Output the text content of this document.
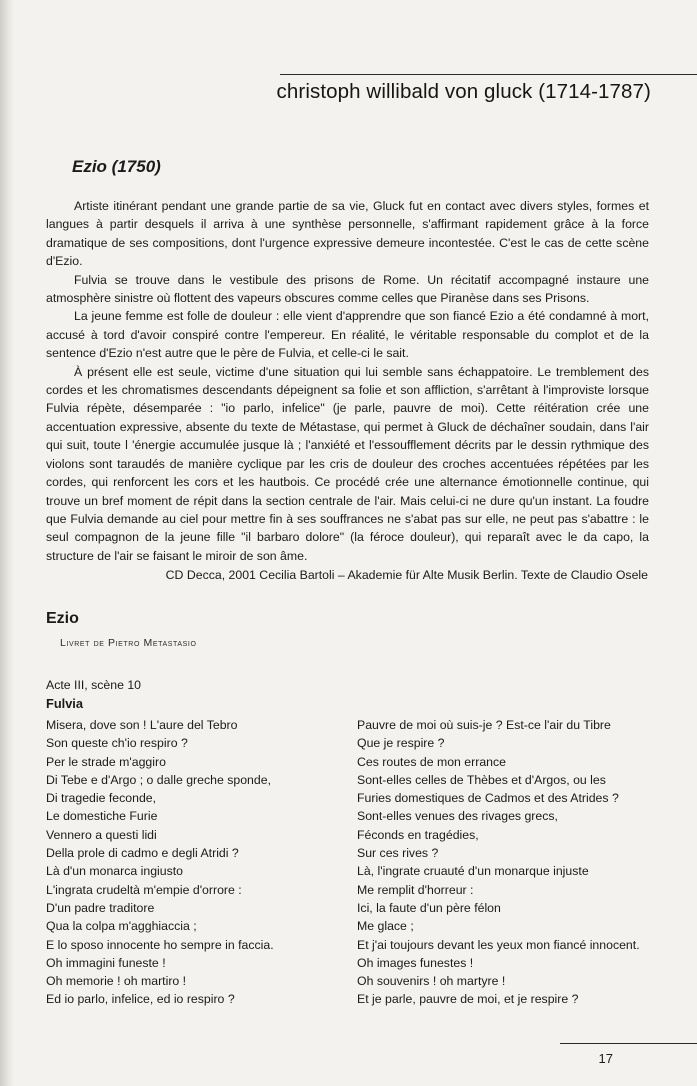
christoph willibald von gluck (1714-1787)
Ezio (1750)

Artiste itinérant pendant une grande partie de sa vie, Gluck fut en contact avec divers styles, formes et langues à partir desquels il arriva à une synthèse personnelle, s'affirmant rapidement grâce à la force dramatique de ses compositions, dont l'urgence expressive demeure incontestée. C'est le cas de cette scène d'Ezio.

Fulvia se trouve dans le vestibule des prisons de Rome. Un récitatif accompagné instaure une atmosphère sinistre où flottent des vapeurs obscures comme celles que Piranèse dans ses Prisons.

La jeune femme est folle de douleur : elle vient d'apprendre que son fiancé Ezio a été condamné à mort, accusé à tord d'avoir conspiré contre l'empereur. En réalité, le véritable responsable du complot et de la sentence d'Ezio n'est autre que le père de Fulvia, et celle-ci le sait.

À présent elle est seule, victime d'une situation qui lui semble sans échappatoire. Le tremblement des cordes et les chromatismes descendants dépeignent sa folie et son affliction, s'arrêtant à l'improviste lorsque Fulvia répète, désemparée : "io parlo, infelice" (je parle, pauvre de moi). Cette réitération crée une accentuation expressive, absente du texte de Métastase, qui permet à Gluck de déchaîner soudain, dans l'air qui suit, toute l 'énergie accumulée jusque là ; l'anxiété et l'essoufflement décrits par le dessin rythmique des violons sont taraudés de manière cyclique par les cris de douleur des croches accentuées répétées par les cordes, qui renforcent les cors et les hautbois. Ce procédé crée une alternance émotionnelle continue, qui trouve un bref moment de répit dans la section centrale de l'air. Mais celui-ci ne dure qu'un instant. La foudre que Fulvia demande au ciel pour mettre fin à ses souffrances ne s'abat pas sur elle, ne peut pas s'abattre : le seul compagnon de la jeune fille "il barbaro dolore" (la féroce douleur), qui reparaît avec le da capo, la structure de l'air se faisant le miroir de son âme.

CD Decca, 2001 Cecilia Bartoli – Akademie für Alte Musik Berlin. Texte de Claudio Osele
Ezio
Livret de Pietro Metastasio
Acte III, scène 10
Fulvia
Misera, dove son ! L'aure del Tebro
Son queste ch'io respiro ?
Per le strade m'aggiro
Di Tebe e d'Argo ; o dalle greche sponde,
Di tragedie feconde,
Le domestiche Furie
Vennero a questi lidi
Della prole di cadmo e degli Atridi ?
Là d'un monarca ingiusto
L'ingrata crudeltà m'empie d'orrore :
D'un padre traditore
Qua la colpa m'agghiaccia ;
E lo sposo innocente ho sempre in faccia.
Oh immagini funeste !
Oh memorie ! oh martiro !
Ed io parlo, infelice, ed io respiro ?
Pauvre de moi où suis-je ? Est-ce l'air du Tibre
Que je respire ?
Ces routes de mon errance
Sont-elles celles de Thèbes et d'Argos, ou les
Furies domestiques de Cadmos et des Atrides ?
Sont-elles venues des rivages grecs,
Féconds en tragédies,
Sur ces rives ?
Là, l'ingrate cruauté d'un monarque injuste
Me remplit d'horreur :
Ici, la faute d'un père félon
Me glace ;
Et j'ai toujours devant les yeux mon fiancé innocent.
Oh images funestes !
Oh souvenirs ! oh martyre !
Et je parle, pauvre de moi, et je respire ?
17
